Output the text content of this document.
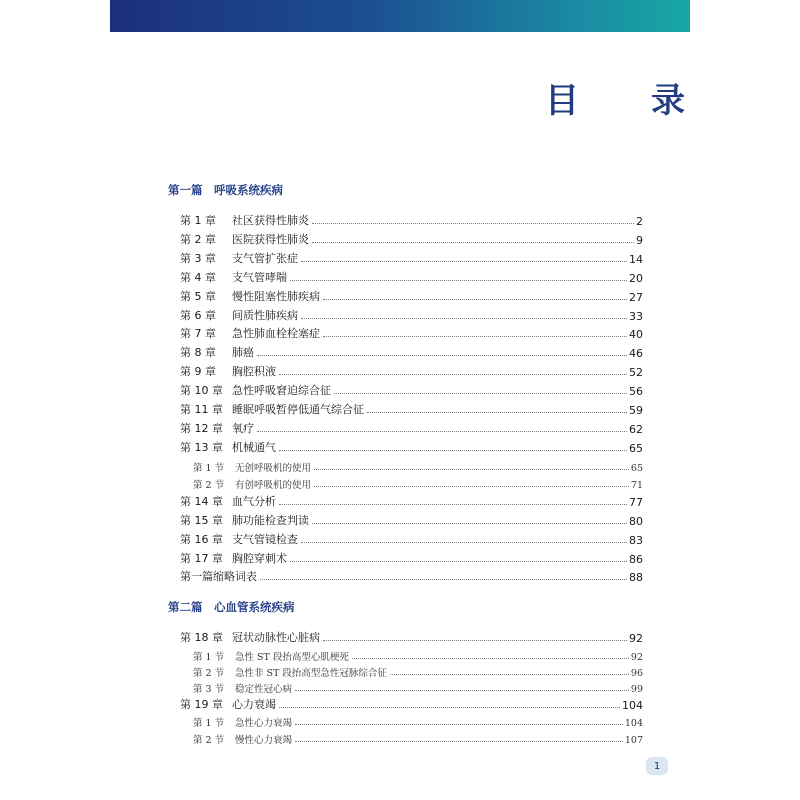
目 录
第一篇　呼吸系统疾病
第二篇　心血管系统疾病
第 1 章	社区获得性肺炎	2
第 2 章	医院获得性肺炎	9
第 3 章	支气管扩张症	14
第 4 章	支气管哮喘	20
第 5 章	慢性阻塞性肺疾病	27
第 6 章	间质性肺疾病	33
第 7 章	急性肺血栓栓塞症	40
第 8 章	肺癌	46
第 9 章	胸腔积液	52
第 10 章 急性呼吸窘迫综合征	56
第 11 章 睡眠呼吸暂停低通气综合征	59
第 12 章 氧疗	62
第 13 章 机械通气	65
第 1 节	无创呼吸机的使用	65
第 2 节	有创呼吸机的使用	71
第 14 章 血气分析	77
第 15 章 肺功能检查判读	80
第 16 章 支气管镜检查	83
第 17 章 胸腔穿刺术	86
第一篇缩略词表	88
第 18 章 冠状动脉性心脏病	92
第 1 节	急性 ST 段抬高型心肌梗死	92
第 2 节	急性非 ST 段抬高型急性冠脉综合征	96
第 3 节	稳定性冠心病	99
第 19 章 心力衰竭	104
第 1 节	急性心力衰竭	104
第 2 节	慢性心力衰竭	107
1
